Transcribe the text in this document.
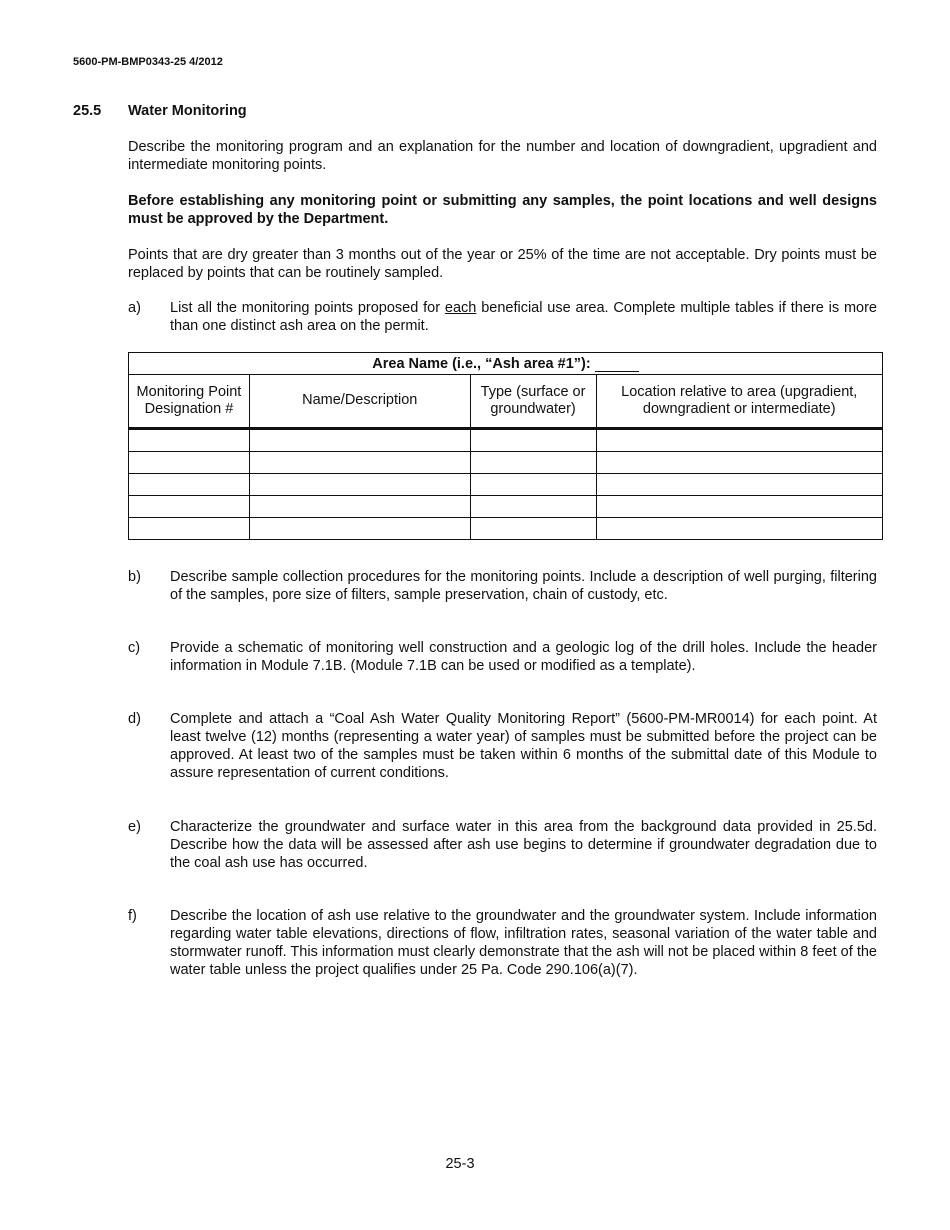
5600-PM-BMP0343-25 4/2012
25.5 Water Monitoring

Describe the monitoring program and an explanation for the number and location of downgradient, upgradient and intermediate monitoring points.

Before establishing any monitoring point or submitting any samples, the point locations and well designs must be approved by the Department.

Points that are dry greater than 3 months out of the year or 25% of the time are not acceptable. Dry points must be replaced by points that can be routinely sampled.

a) List all the monitoring points proposed for each beneficial use area. Complete multiple tables if there is more than one distinct ash area on the permit.

Area Name (i.e., “Ash area #1”):			
Monitoring Point Designation #	Name/Description	Type (surface or groundwater)	Location relative to area (upgradient, downgradient or intermediate)

b) Describe sample collection procedures for the monitoring points. Include a description of well purging, filtering of the samples, pore size of filters, sample preservation, chain of custody, etc.

c) Provide a schematic of monitoring well construction and a geologic log of the drill holes. Include the header information in Module 7.1B. (Module 7.1B can be used or modified as a template).

d) Complete and attach a “Coal Ash Water Quality Monitoring Report” (5600-PM-MR0014) for each point. At least twelve (12) months (representing a water year) of samples must be submitted before the project can be approved. At least two of the samples must be taken within 6 months of the submittal date of this Module to assure representation of current conditions.

e) Characterize the groundwater and surface water in this area from the background data provided in 25.5d. Describe how the data will be assessed after ash use begins to determine if groundwater degradation due to the coal ash use has occurred.

f) Describe the location of ash use relative to the groundwater and the groundwater system. Include information regarding water table elevations, directions of flow, infiltration rates, seasonal variation of the water table and stormwater runoff. This information must clearly demonstrate that the ash will not be placed within 8 feet of the water table unless the project qualifies under 25 Pa. Code 290.106(a)(7).

25-3
